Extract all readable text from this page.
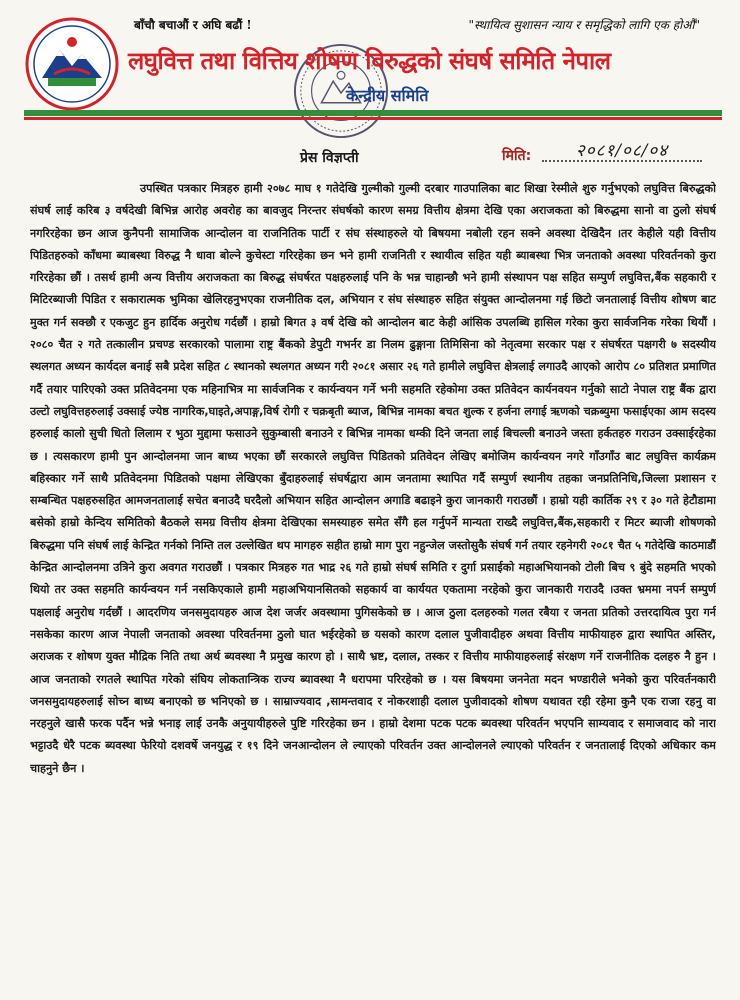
बाँचौ बचाऔं र अघि बढौं !	"स्थायित्व सुशासन न्याय र समृद्धिको लागि एक होऔं"
लघुवित्त तथा वित्तिय शोषण विरुद्धको संघर्ष समिति नेपाल
केन्द्रीय समिति
प्रेस विज्ञप्ती	मिति:	२०८१/०८/०४

उपस्थित पत्रकार मित्रहरु हामी २०७८ माघ १ गतेदेखि गुल्मीको गुल्मी दरबार गाउपालिका बाट शिखा रेस्मीले शुरु गर्नुभएको लघुवित्त बिरुद्धको संघर्ष लाई करिब ३ वर्षदेखी बिभिन्न आरोह अवरोह का बावजुद निरन्तर संघर्षको कारण समग्र वित्तीय क्षेत्रमा देखि एका अराजकता को बिरुद्धमा सानो वा ठुलो संघर्ष नगरिरहेका छन आज कुनैपनी सामाजिक आन्दोलन वा राजनितिक पार्टी र संघ संस्थाहरुले यो बिषयमा नबोली रहन सक्ने अवस्था देखिदैन ।तर केहीले यही वित्तीय पिडितहरुको काँधमा ब्याबस्था विरुद्ध नै धावा बोल्ने कुचेस्टा गरिरहेका छन भने हामी राजनिती र स्थायीत्व सहित यही ब्याबस्था भित्र जनताको अवस्था परिवर्तनको कुरा गरिरहेका छौं । तसर्थ हामी अन्य वित्तीय अराजकता का बिरुद्ध संघर्षरत पक्षहरुलाई पनि के भन्न चाहान्छौ भने हामी संस्थापन पक्ष सहित सम्पुर्ण लघुवित्त,बैंक सहकारी र मिटिरब्याजी पिडित र सकारात्मक भुमिका खेलिरहनुभएका राजनीतिक दल, अभियान र संघ संस्थाहरु सहित संयुक्त आन्दोलनमा गई छिटो जनतालाई वित्तीय शोषण बाट मुक्त गर्न सक्छौ र एकजुट हुन हार्दिक अनुरोध गर्दछौं । हाम्रो बिगत ३ वर्ष देखि को आन्दोलन बाट केही आंसिक उपलब्धि हासिल गरेका कुरा सार्वजनिक गरेका थियौं । २०८० चैत २ गते तत्कालीन प्रचण्ड सरकारको पालामा राष्ट्र बैंकको डेपुटी गभर्नर डा निलम ढुङ्गाना तिमिसिना को नेतृत्वमा सरकार पक्ष र संघर्षरत पक्षगरी ७ सदस्यीय स्थलगत अध्यन कार्यदल बनाई सबै प्रदेश सहित ८ स्थानको स्थलगत अध्यन गरी २०८१ असार २६ गते हामीले लघुवित्त क्षेत्रलाई लगाउदै आएको आरोप ८० प्रतिशत प्रमाणित गर्दै तयार पारिएको उक्त प्रतिवेदनमा एक महिनाभित्र मा सार्वजनिक र कार्यन्वयन गर्ने भनी सहमति रहेकोमा उक्त प्रतिवेदन कार्यनवयन गर्नुको साटो नेपाल राष्ट्र बैंक द्वारा उल्टो लघुवित्तहरुलाई उक्साई ज्येष्ठ नागरिक,घाइते,अपाङ्ग,विर्ष रोगी र चक्रबृती ब्याज, बिभिन्न नामका बचत शुल्क र हर्जना लगाई ऋणको चक्रब्युमा फसाईएका आम सदस्य हरुलाई कालो सुची धितो लिलाम र भुठा मुद्दामा फसाउने सुकुम्बासी बनाउने र बिभिन्न नामका धम्की दिने जनता लाई बिचल्ली बनाउने जस्ता हर्कतहरु गराउन उक्साईरहेका छ । त्यसकारण हामी पुन आन्दोलनमा जान बाध्य भएका छौं सरकारले लघुवित्त पिडितको प्रतिवेदन लेखिए बमोजिम कार्यन्वयन नगरे गाँउगाँउ बाट लघुवित्त कार्यक्रम बहिस्कार गर्ने साथै प्रतिवेदनमा पिडितको पक्षमा लेखिएका बुँदाहरुलाई संघर्षद्वारा आम जनतामा स्थापित गर्दै सम्पुर्ण स्थानीय तहका जनप्रतिनिधि,जिल्ला प्रशासन र सम्बन्धित पक्षहरुसहित आमजनतालाई सचेत बनाउदै घरदैलो अभियान सहित आन्दोलन अगाडि बढाइने कुरा जानकारी गराउछौं । हाम्रो यही कार्तिक २९ र ३० गते हेटौडामा बसेको हाम्रो केन्दिय समितिको बैठकले समग्र वित्तीय क्षेत्रमा देखिएका समस्याहरु समेत सँगै हल गर्नुपर्ने मान्यता राख्दै लघुवित्त,बैंक,सहकारी र मिटर ब्याजी शोषणको बिरुद्धमा पनि संघर्ष लाई केन्द्रित गर्नको निम्ति तल उल्लेखित थप मागहरु सहीत हाम्रो माग पुरा नहुन्जेल जस्तोसुकै संघर्ष गर्न तयार रहनेगरी २०८१ चैत ५ गतेदेखि काठमाडौं केन्द्रित आन्दोलनमा उत्रिने कुरा अवगत गराउछौं । पत्रकार मित्रहरु गत भाद्र २६ गते हाम्रो संघर्ष समिति र दुर्गा प्रसाईको महाअभियानको टोली बिच ९ बुंदे सहमति भएको थियो तर उक्त सहमति कार्यन्वयन गर्न नसकिएकाले हामी महाअभियानसितको सहकार्य वा कार्ययत एकतामा नरहेको कुरा जानकारी गराउदै ।उक्त भ्रममा नपर्न सम्पुर्ण पक्षलाई अनुरोध गर्दछौं । आदरणिय जनसमुदायहरु आज देश जर्जर अवस्थामा पुगिसकेको छ । आज ठुला दलहरुको गलत रबैया र जनता प्रतिको उत्तरदायित्व पुरा गर्न नसकेका कारण आज नेपाली जनताको अवस्था परिवर्तनमा ठुलो घात भईरहेको छ यसको कारण दलाल पुजीवादीहरु अथवा वित्तीय माफीयाहरु द्वारा स्थापित अस्तिर, अराजक र शोषण युक्त मौद्रिक निति तथा अर्थ ब्यवस्था नै प्रमुख कारण हो । साथै भ्रष्ट, दलाल, तस्कर र वित्तीय माफीयाहरुलाई संरक्षण गर्ने राजनीतिक दलहरु नै हुन ।आज जनताको रगतले स्थापित गरेको संघिय लोकतान्त्रिक राज्य ब्यावस्था नै धरापमा परिरहेको छ । यस बिषयमा जननेता मदन भण्डारीले भनेको कुरा परिवर्तनकारी जनसमुदायहरुलाई सोच्न बाध्य बनाएको छ भनिएको छ । साम्राज्यवाद ,सामन्तवाद र नोकरशाही दलाल पुजीवादको शोषण यथावत रही रहेमा कुनै एक राजा रहनु वा नरहनुले खासै फरक पर्दैन भन्ने भनाइ लाई उनकै अनुयायीहरुले पुष्टि गरिरहेका छन । हाम्रो देशमा पटक पटक ब्यवस्था परिवर्तन भएपनि साम्यवाद र समाजवाद को नारा भट्टाउदै धेरै पटक ब्यवस्था फेरियो दशवर्षे जनयुद्ध र १९ दिने जनआन्दोलन ले ल्याएको परिवर्तन उक्त आन्दोलनले ल्याएको परिवर्तन र जनतालाई दिएको अधिकार कम चाहनुने छैन ।
